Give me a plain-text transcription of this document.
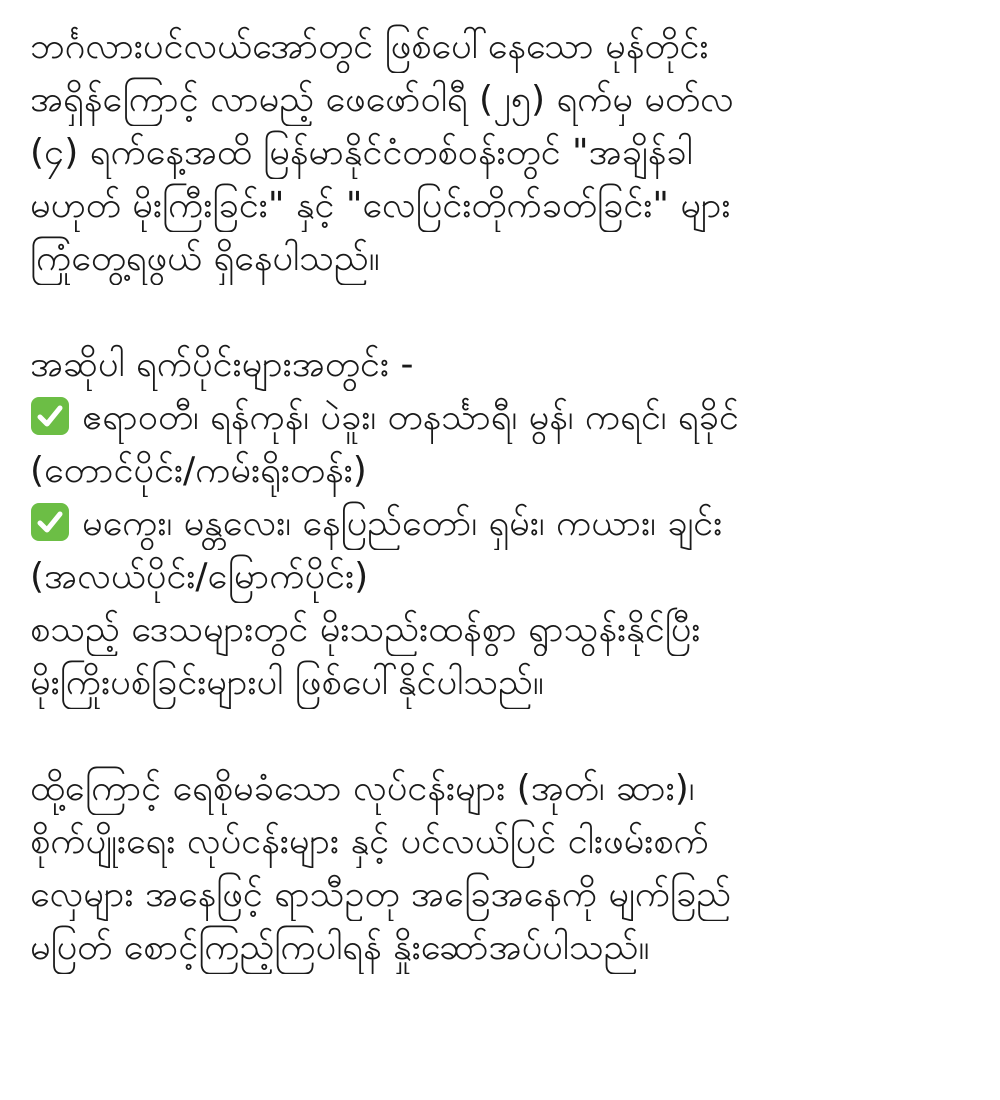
ဘင်္ဂလားပင်လယ်အော်တွင် ဖြစ်ပေါ်နေသော မုန်တိုင်း
အရှိန်ကြောင့် လာမည့် ဖေဖော်ဝါရီ (၂၅) ရက်မှ မတ်လ
(၄) ရက်နေ့အထိ မြန်မာနိုင်ငံတစ်ဝန်းတွင် "အချိန်ခါ
မဟုတ် မိုးကြီးခြင်း" နှင့် "လေပြင်းတိုက်ခတ်ခြင်း" များ
ကြုံတွေ့ရဖွယ် ရှိနေပါသည်။
အဆိုပါ ရက်ပိုင်းများအတွင်း -
ဧရာဝတီ၊ ရန်ကုန်၊ ပဲခူး၊ တနင်္သာရီ၊ မွန်၊ ကရင်၊ ရခိုင်
(တောင်ပိုင်း/ကမ်းရိုးတန်း)
မကွေး၊ မန္တလေး၊ နေပြည်တော်၊ ရှမ်း၊ ကယား၊ ချင်း
(အလယ်ပိုင်း/မြောက်ပိုင်း)
စသည့် ဒေသများတွင် မိုးသည်းထန်စွာ ရွာသွန်းနိုင်ပြီး
မိုးကြိုးပစ်ခြင်းများပါ ဖြစ်ပေါ်နိုင်ပါသည်။
ထို့ကြောင့် ရေစိုမခံသော လုပ်ငန်းများ (အုတ်၊ ဆား)၊
စိုက်ပျိုးရေး လုပ်ငန်းများ နှင့် ပင်လယ်ပြင် ငါးဖမ်းစက်
လှေများ အနေဖြင့် ရာသီဥတု အခြေအနေကို မျက်ခြည်
မပြတ် စောင့်ကြည့်ကြပါရန် နှိုးဆော်အပ်ပါသည်။
